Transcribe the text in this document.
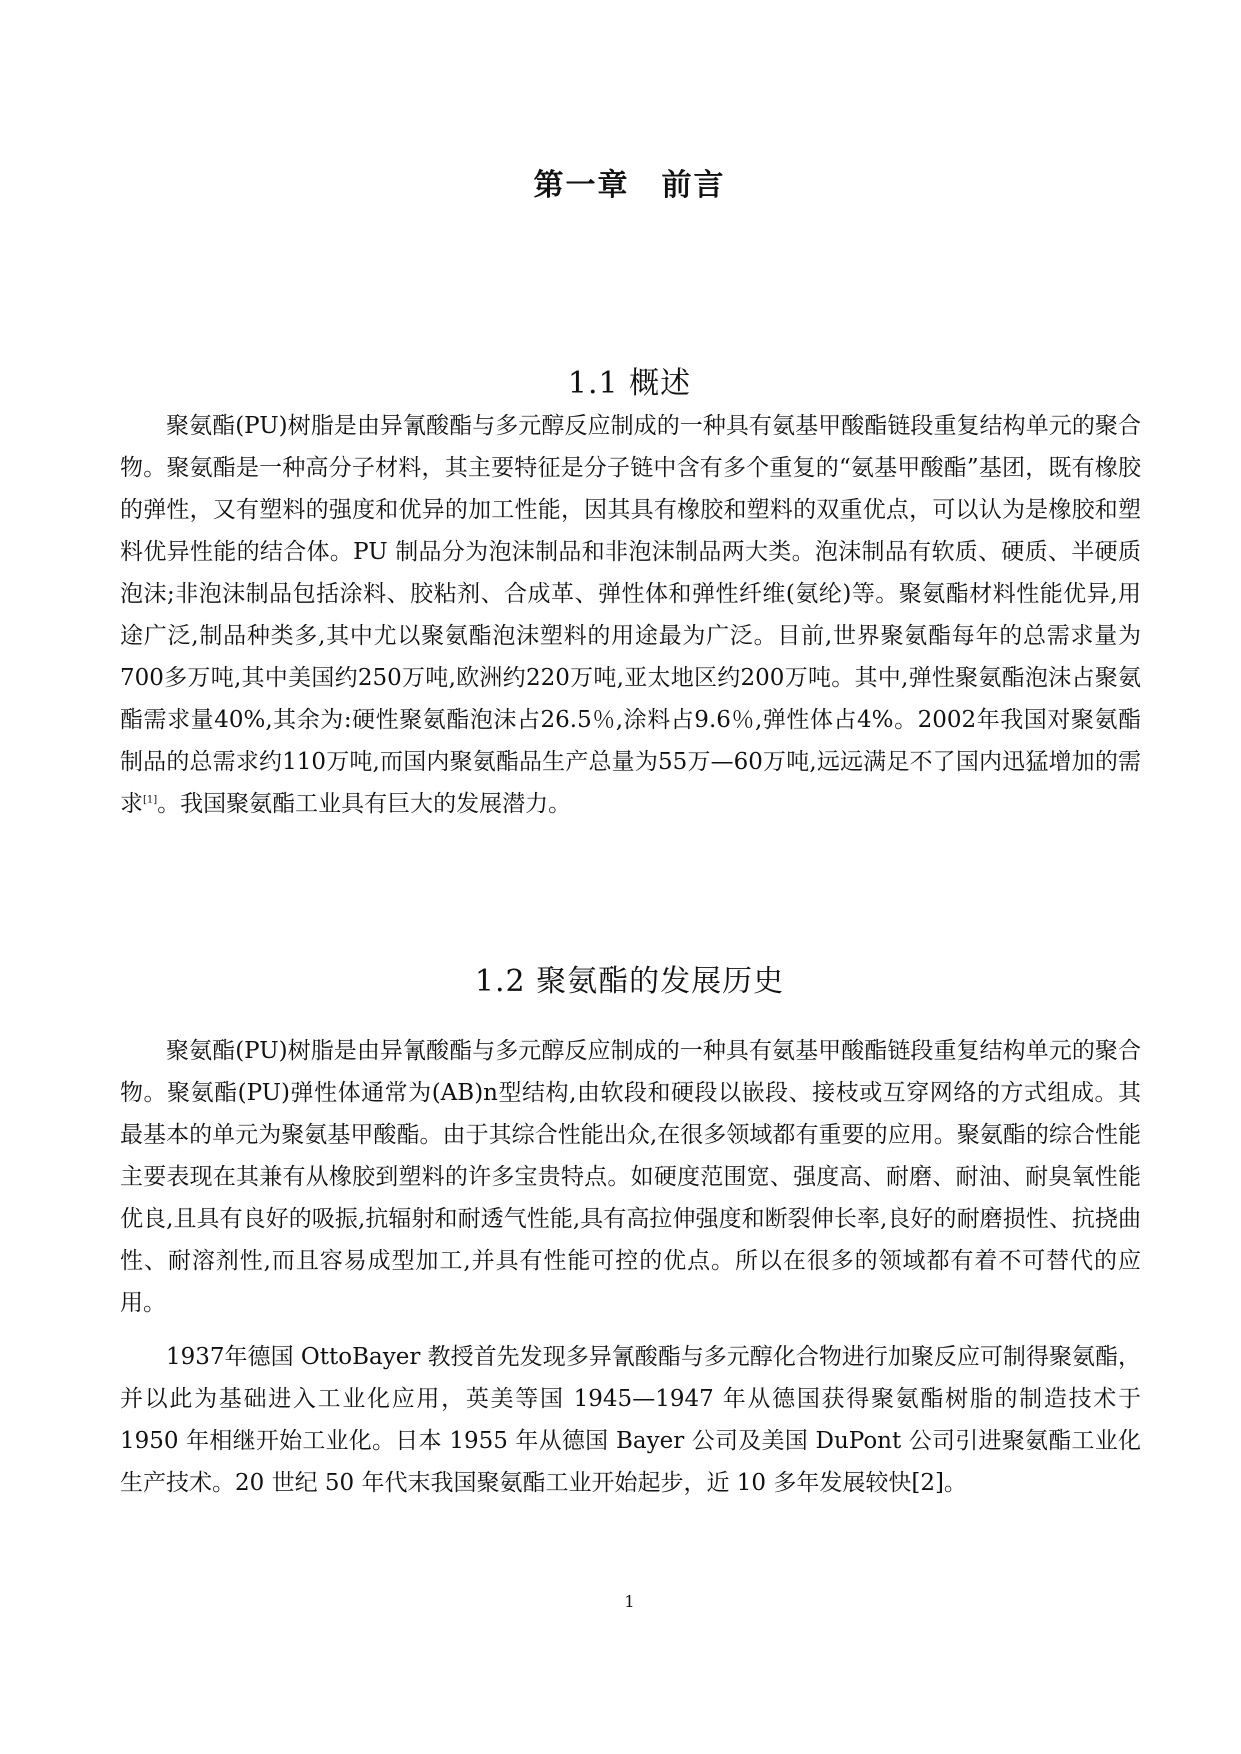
第一章　前言
1.1 概述

聚氨酯(PU)树脂是由异氰酸酯与多元醇反应制成的一种具有氨基甲酸酯链段重复结构单元的聚合物。聚氨酯是一种高分子材料，其主要特征是分子链中含有多个重复的“氨基甲酸酯”基团，既有橡胶的弹性，又有塑料的强度和优异的加工性能，因其具有橡胶和塑料的双重优点，可以认为是橡胶和塑料优异性能的结合体。PU 制品分为泡沫制品和非泡沫制品两大类。泡沫制品有软质、硬质、半硬质泡沫;非泡沫制品包括涂料、胶粘剂、合成革、弹性体和弹性纤维(氨纶)等。聚氨酯材料性能优异,用途广泛,制品种类多,其中尤以聚氨酯泡沫塑料的用途最为广泛。目前,世界聚氨酯每年的总需求量为700多万吨,其中美国约250万吨,欧洲约220万吨,亚太地区约200万吨。其中,弹性聚氨酯泡沫占聚氨酯需求量40%,其余为:硬性聚氨酯泡沫占26.5％,涂料占9.6％,弹性体占4%。2002年我国对聚氨酯制品的总需求约110万吨,而国内聚氨酯品生产总量为55万—60万吨,远远满足不了国内迅猛增加的需求[1]。我国聚氨酯工业具有巨大的发展潜力。

1.2 聚氨酯的发展历史

聚氨酯(PU)树脂是由异氰酸酯与多元醇反应制成的一种具有氨基甲酸酯链段重复结构单元的聚合物。聚氨酯(PU)弹性体通常为(AB)n型结构,由软段和硬段以嵌段、接枝或互穿网络的方式组成。其最基本的单元为聚氨基甲酸酯。由于其综合性能出众,在很多领域都有重要的应用。聚氨酯的综合性能主要表现在其兼有从橡胶到塑料的许多宝贵特点。如硬度范围宽、强度高、耐磨、耐油、耐臭氧性能优良,且具有良好的吸振,抗辐射和耐透气性能,具有高拉伸强度和断裂伸长率,良好的耐磨损性、抗挠曲性、耐溶剂性,而且容易成型加工,并具有性能可控的优点。所以在很多的领域都有着不可替代的应用。

1937年德国 OttoBayer 教授首先发现多异氰酸酯与多元醇化合物进行加聚反应可制得聚氨酯，并以此为基础进入工业化应用，英美等国 1945—1947 年从德国获得聚氨酯树脂的制造技术于 1950 年相继开始工业化。日本 1955 年从德国 Bayer 公司及美国 DuPont 公司引进聚氨酯工业化生产技术。20 世纪 50 年代末我国聚氨酯工业开始起步，近 10 多年发展较快[2]。

1
